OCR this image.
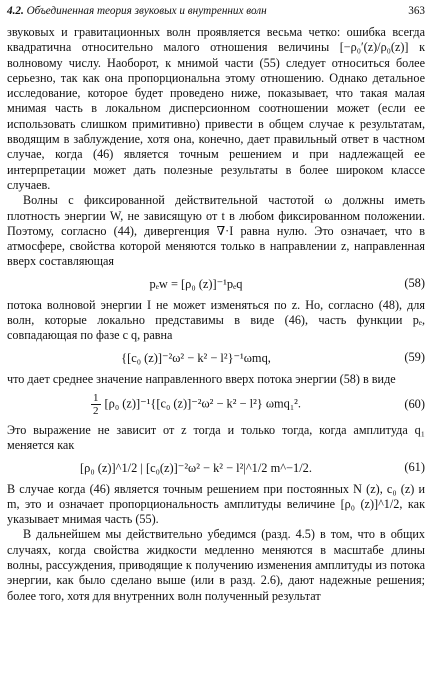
4.2. Объединенная теория звуковых и внутренних волн	363

звуковых и гравитационных волн проявляется весьма четко: ошибка всегда квадратична относительно малого отношения величины [−ρ₀′(z)/ρ₀(z)] к волновому числу. Наоборот, к мнимой части (55) следует относиться более серьезно, так как она пропорциональна этому отношению. Однако детальное исследование, которое будет проведено ниже, показывает, что такая малая мнимая часть в локальном дисперсионном соотношении может (если ее использовать слишком примитивно) привести в общем случае к результатам, вводящим в заблуждение, хотя она, конечно, дает правильный ответ в частном случае, когда (46) является точным решением и при надлежащей ее интерпретации может дать полезные результаты в более широком классе случаев.

Волны с фиксированной действительной частотой ω должны иметь плотность энергии W, не зависящую от t в любом фиксированном положении. Поэтому, согласно (44), дивергенция ∇·I равна нулю. Это означает, что в атмосфере, свойства которой меняются только в направлении z, направленная вверх составляющая

pₑw = [ρ₀ (z)]⁻¹pₑq	(58)

потока волновой энергии I не может изменяться по z. Но, согласно (48), для волн, которые локально представимы в виде (46), часть функции pₑ, совпадающая по фазе с q, равна

{[c₀ (z)]⁻²ω² − k² − l²}⁻¹ωmq,	(59)

что дает среднее значение направленного вверх потока энергии (58) в виде

$\frac{1}{2} [\rho_0$ (z)]⁻¹{[c₀ (z)]⁻²ω² − k² − l²} ωmq₁².	(60)

Это выражение не зависит от z тогда и только тогда, когда амплитуда q₁ меняется как

[ρ₀ (z)]^1/2 | [c₀(z)]⁻²ω² − k² − l²|^1/2 m^−1/2.	(61)

В случае когда (46) является точным решением при постоянных N (z), c₀ (z) и m, это и означает пропорциональность амплитуды величине [ρ₀ (z)]^1/2, как указывает мнимая часть (55).

В дальнейшем мы действительно убедимся (разд. 4.5) в том, что в общих случаях, когда свойства жидкости медленно меняются в масштабе длины волны, рассуждения, приводящие к получению изменения амплитуды из потока энергии, как было сделано выше (или в разд. 2.6), дают надежные решения; более того, хотя для внутренних волн полученный результат
